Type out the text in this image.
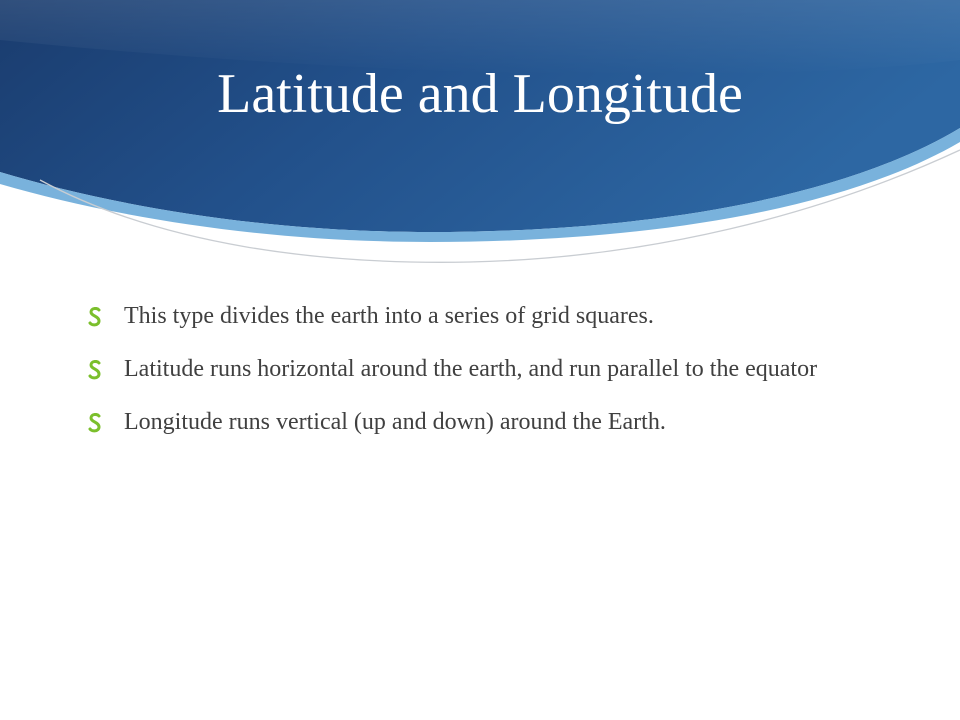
Latitude and Longitude
This type divides the earth into a series of grid squares.
Latitude runs horizontal around the earth, and run parallel to the equator
Longitude runs vertical (up and down) around the Earth.
